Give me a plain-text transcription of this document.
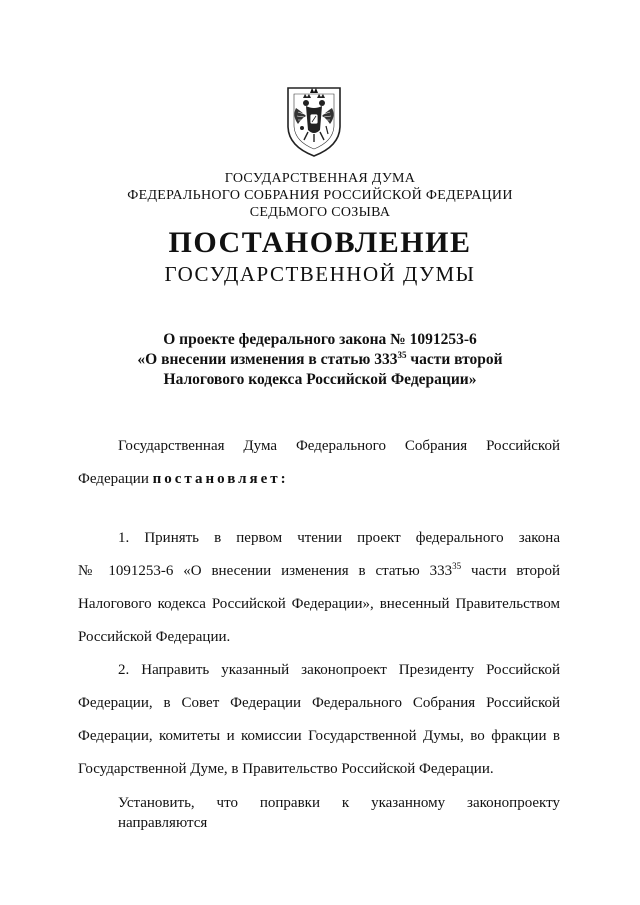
ГОСУДАРСТВЕННАЯ ДУМА
ФЕДЕРАЛЬНОГО СОБРАНИЯ РОССИЙСКОЙ ФЕДЕРАЦИИ
СЕДЬМОГО СОЗЫВА
ПОСТАНОВЛЕНИЕ
ГОСУДАРСТВЕННОЙ ДУМЫ
О проекте федерального закона № 1091253-6
«О внесении изменения в статью $333^{35}$ части второй
Налогового кодекса Российской Федерации»
Государственная Дума Федерального Собрания Российской
Федерации постановляет:
1. Принять в первом чтении проект федерального закона
№ 1091253-6 «О внесении изменения в статью $333^{35}$ части второй
Налогового кодекса Российской Федерации», внесенный Правительством
Российской Федерации.
2. Направить указанный законопроект Президенту Российской
Федерации, в Совет Федерации Федерального Собрания Российской
Федерации, комитеты и комиссии Государственной Думы, во фракции в
Государственной Думе, в Правительство Российской Федерации.
Установить, что поправки к указанному законопроекту направляются
